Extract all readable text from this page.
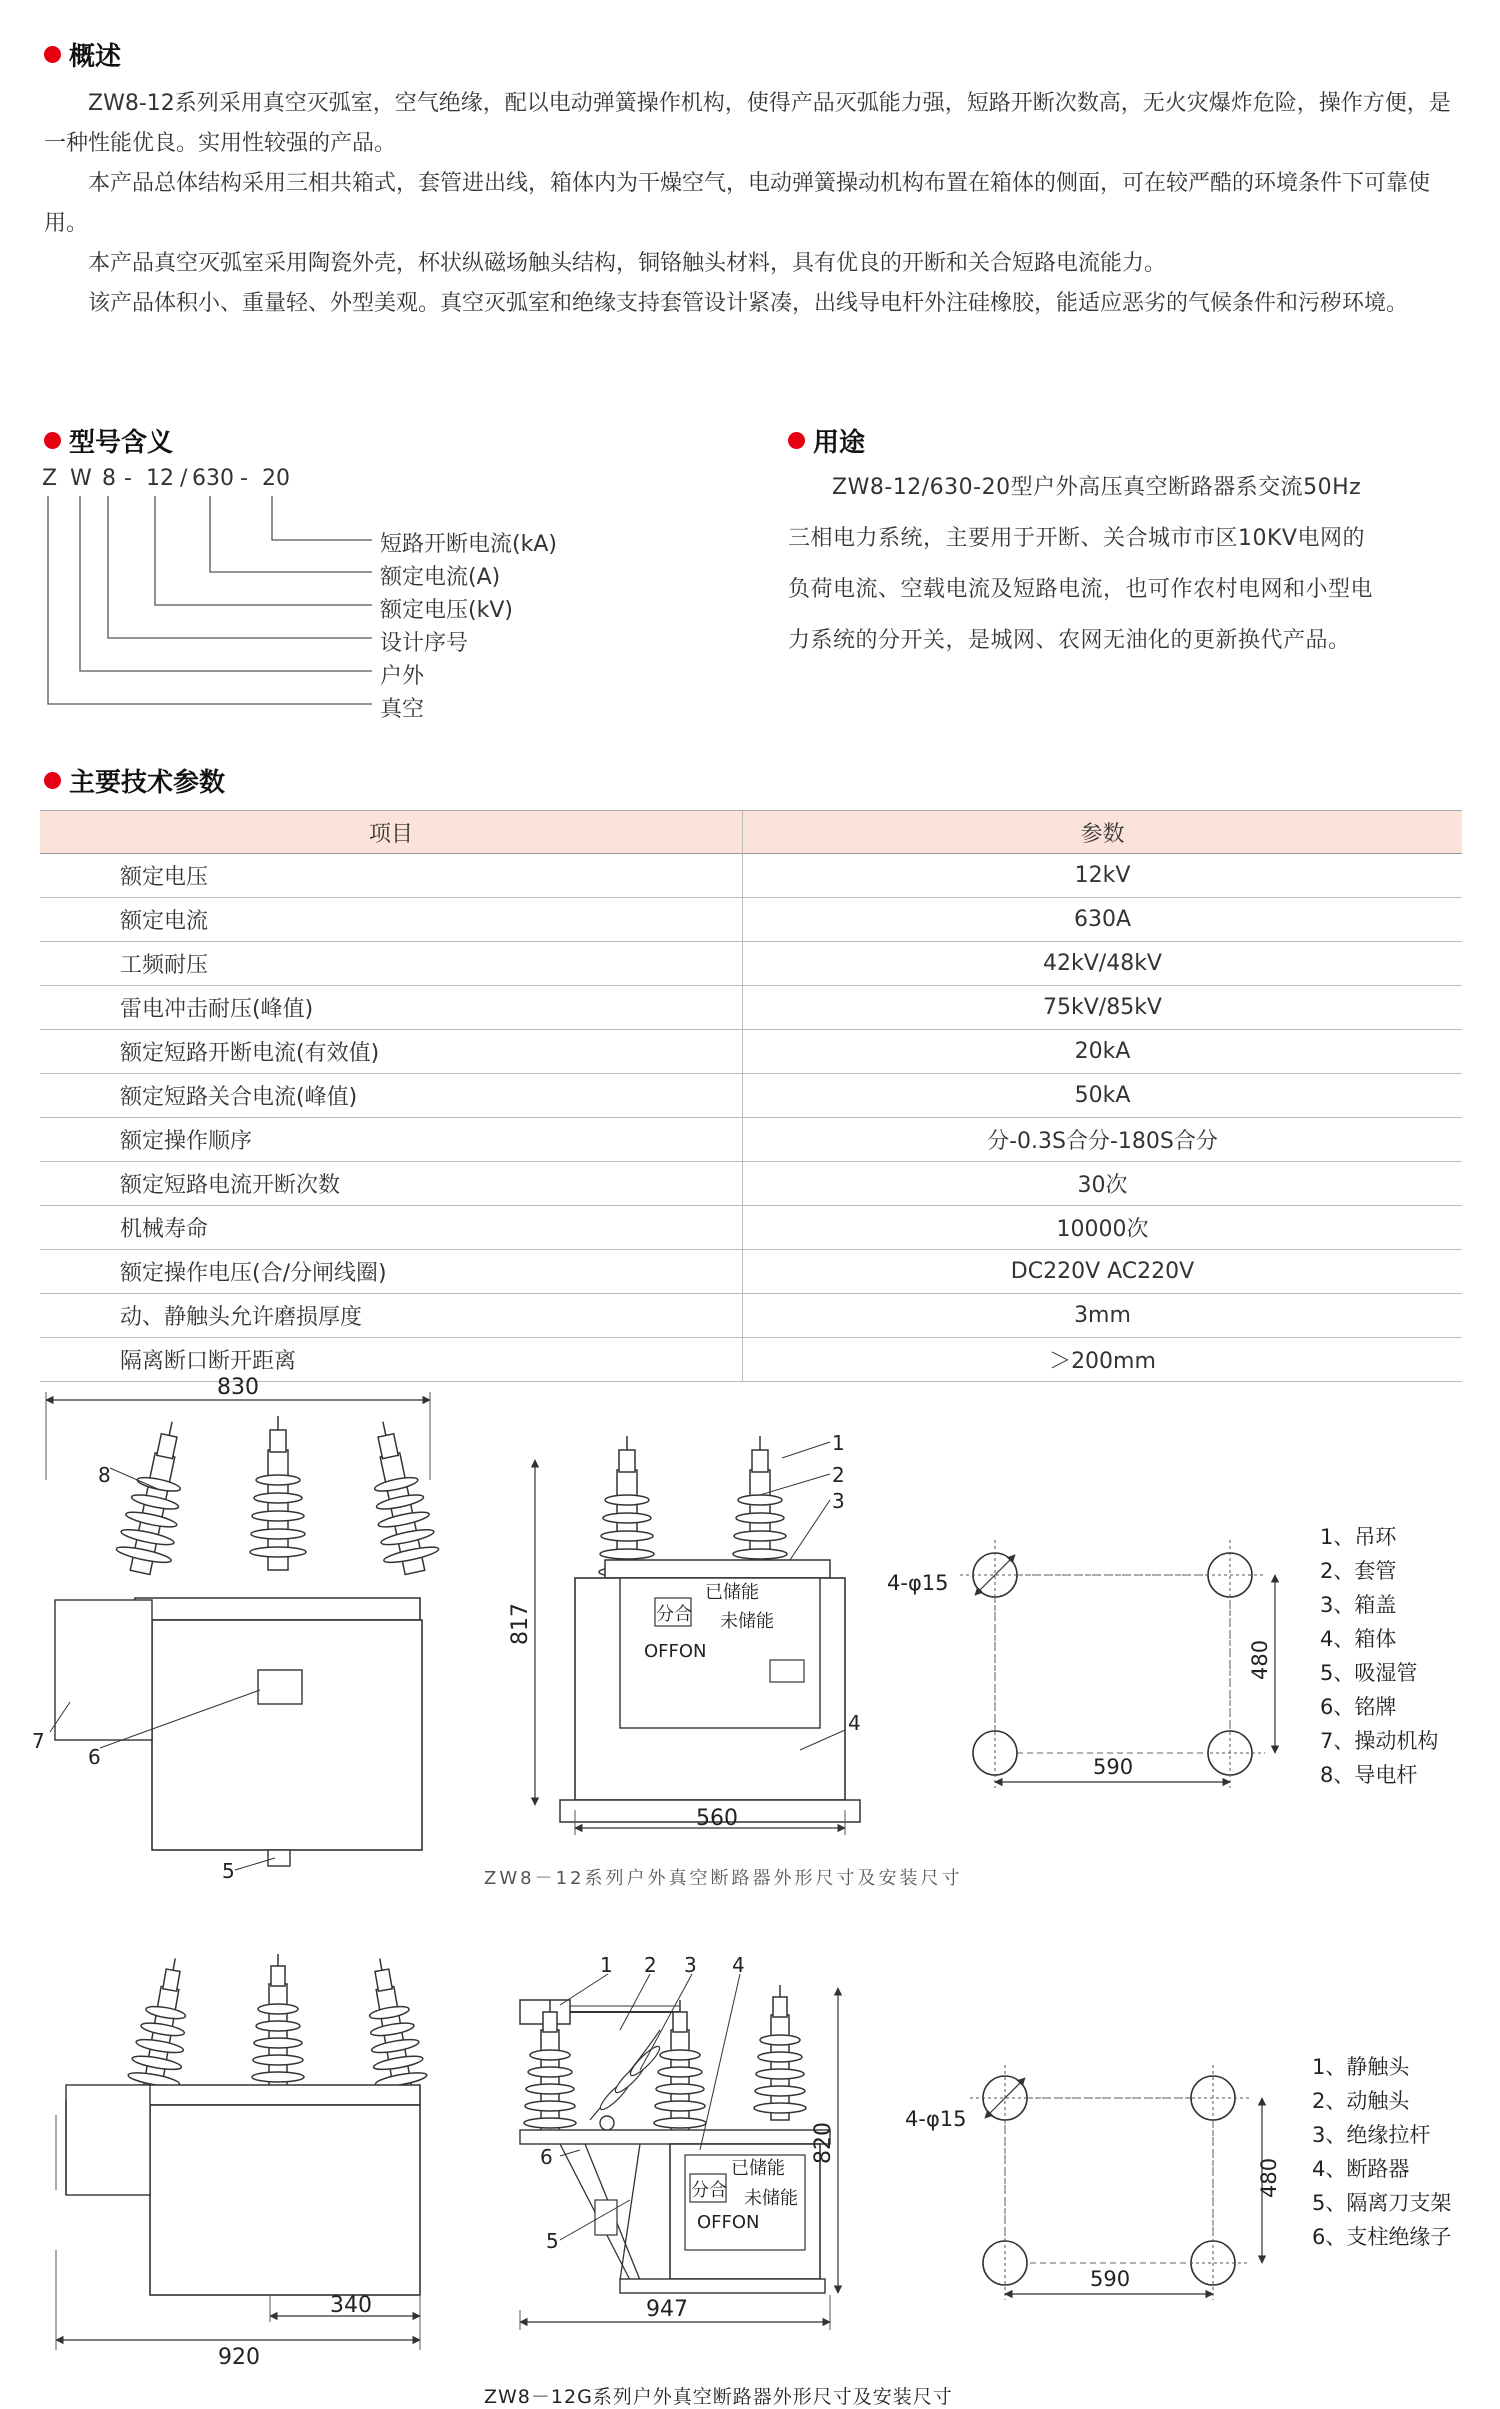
概述

ZW8-12系列采用真空灭弧室，空气绝缘，配以电动弹簧操作机构，使得产品灭弧能力强，短路开断次数高，无火灾爆炸危险，操作方便，是一种性能优良。实用性较强的产品。

本产品总体结构采用三相共箱式，套管进出线，箱体内为干燥空气，电动弹簧操动机构布置在箱体的侧面，可在较严酷的环境条件下可靠使用。

本产品真空灭弧室采用陶瓷外壳，杯状纵磁场触头结构，铜铬触头材料，具有优良的开断和关合短路电流能力。

该产品体积小、重量轻、外型美观。真空灭弧室和绝缘支持套管设计紧凑，出线导电杆外注硅橡胶，能适应恶劣的气候条件和污秽环境。

型号含义
Z W 8 - 12 / 630 - 20
短路开断电流(kA)
额定电流(A)
额定电压(kV)
设计序号
户外
真空
用途

ZW8-12/630-20型户外高压真空断路器系交流50Hz三相电力系统，主要用于开断、关合城市市区10KV电网的负荷电流、空载电流及短路电流，也可作农村电网和小型电力系统的分开关，是城网、农网无油化的更新换代产品。

主要技术参数
项目	参数
额定电压	12kV
额定电流	630A
工频耐压	42kV/48kV
雷电冲击耐压(峰值)	75kV/85kV
额定短路开断电流(有效值)	20kA
额定短路关合电流(峰值)	50kA
额定操作顺序	分-0.3S合分-180S合分
额定短路电流开断次数	30次
机械寿命	10000次
额定操作电压(合/分闸线圈)	DC220V AC220V
动、静触头允许磨损厚度	3mm
隔离断口断开距离	＞200mm
830
8
7
6
5
817	分合
已储能
未储能
OFFON
560
1
2
3
4
4-φ15
480
590
1、吊环
2、套管
3、箱盖
4、箱体
5、吸湿管
6、铭牌
7、操动机构
8、导电杆
ZW8－12系列户外真空断路器外形尺寸及安装尺寸
920
340
分合
已储能
未储能
OFFON
947
820
1 2 3 4
5
6
4-φ15
480
590
1、静触头
2、动触头
3、绝缘拉杆
4、断路器
5、隔离刀支架
6、支柱绝缘子
ZW8－12G系列户外真空断路器外形尺寸及安装尺寸
